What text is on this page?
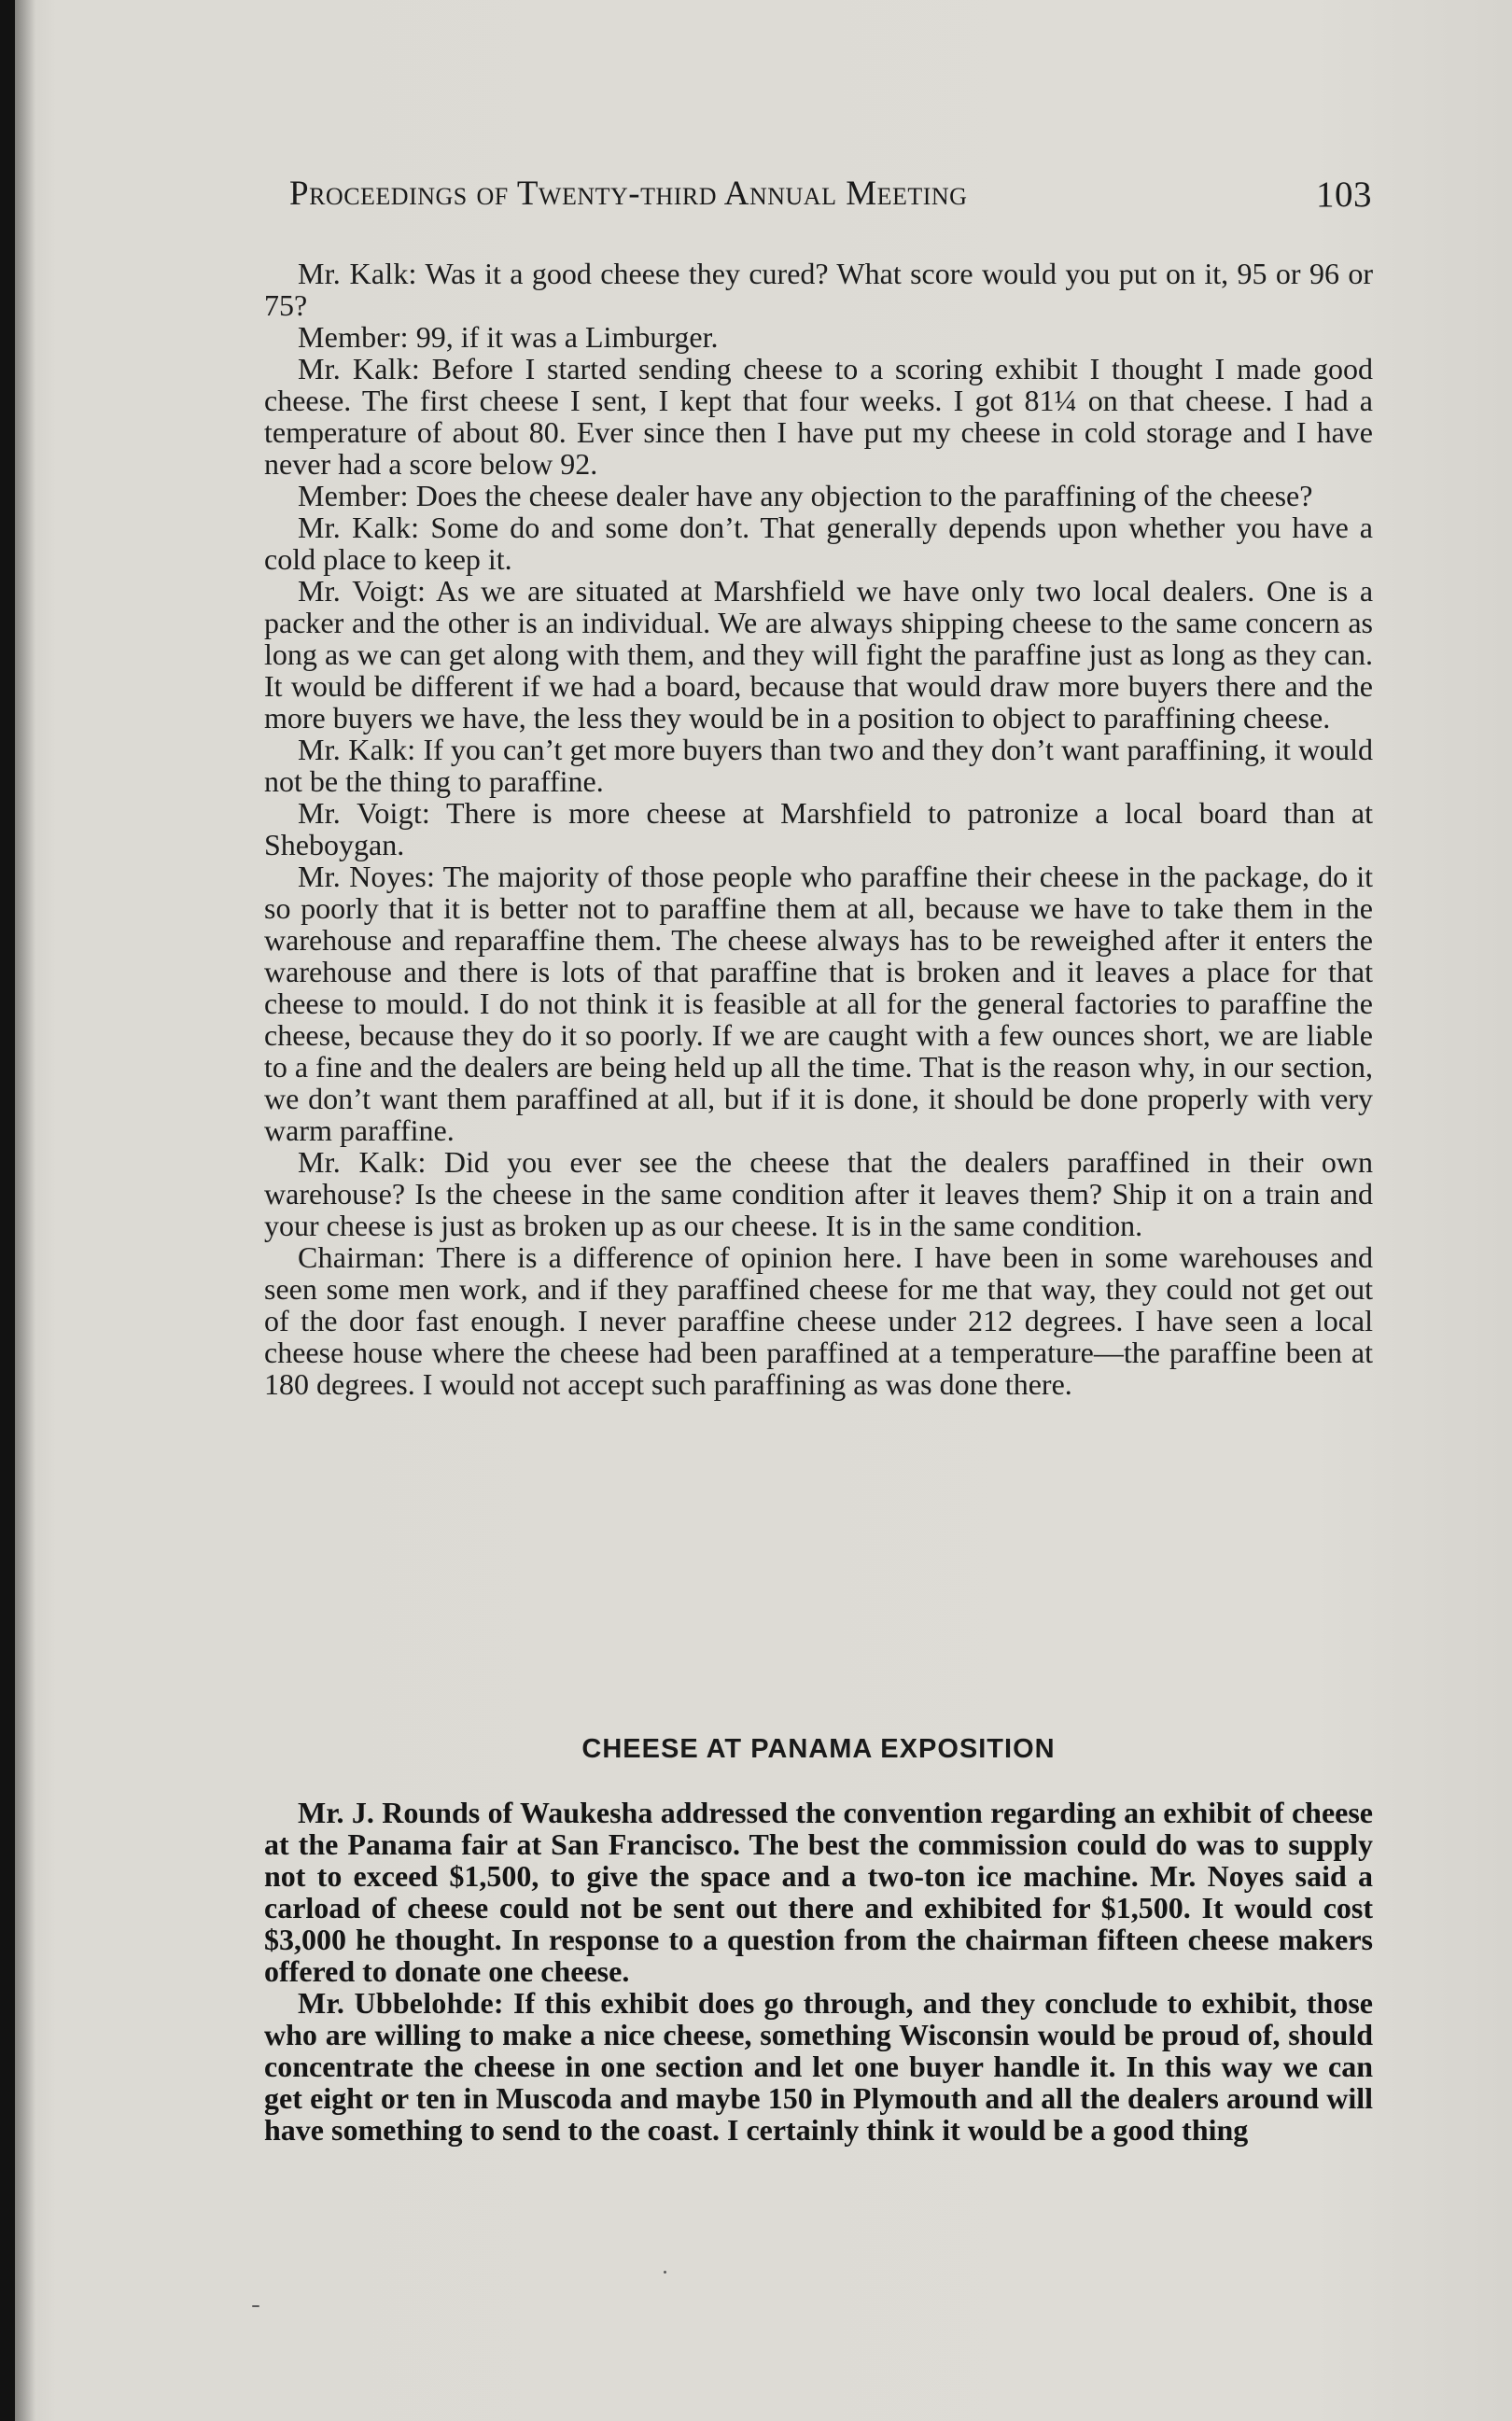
Proceedings of Twenty-third Annual Meeting	103

Mr. Kalk: Was it a good cheese they cured? What score would you put on it, 95 or 96 or 75?

Member: 99, if it was a Limburger.

Mr. Kalk: Before I started sending cheese to a scoring exhibit I thought I made good cheese. The first cheese I sent, I kept that four weeks. I got 81¼ on that cheese. I had a temperature of about 80. Ever since then I have put my cheese in cold storage and I have never had a score below 92.

Member: Does the cheese dealer have any objection to the paraffining of the cheese?

Mr. Kalk: Some do and some don’t. That generally depends upon whether you have a cold place to keep it.

Mr. Voigt: As we are situated at Marshfield we have only two local dealers. One is a packer and the other is an individual. We are always shipping cheese to the same concern as long as we can get along with them, and they will fight the paraffine just as long as they can. It would be different if we had a board, because that would draw more buyers there and the more buyers we have, the less they would be in a position to object to paraffining cheese.

Mr. Kalk: If you can’t get more buyers than two and they don’t want paraffining, it would not be the thing to paraffine.

Mr. Voigt: There is more cheese at Marshfield to patronize a local board than at Sheboygan.

Mr. Noyes: The majority of those people who paraffine their cheese in the package, do it so poorly that it is better not to paraffine them at all, because we have to take them in the warehouse and reparaffine them. The cheese always has to be reweighed after it enters the warehouse and there is lots of that paraffine that is broken and it leaves a place for that cheese to mould. I do not think it is feasible at all for the general factories to paraffine the cheese, because they do it so poorly. If we are caught with a few ounces short, we are liable to a fine and the dealers are being held up all the time. That is the reason why, in our section, we don’t want them paraffined at all, but if it is done, it should be done properly with very warm paraffine.

Mr. Kalk: Did you ever see the cheese that the dealers paraffined in their own warehouse? Is the cheese in the same condition after it leaves them? Ship it on a train and your cheese is just as broken up as our cheese. It is in the same condition.

Chairman: There is a difference of opinion here. I have been in some warehouses and seen some men work, and if they paraffined cheese for me that way, they could not get out of the door fast enough. I never paraffine cheese under 212 degrees. I have seen a local cheese house where the cheese had been paraffined at a temperature—the paraffine been at 180 degrees. I would not accept such paraffining as was done there.

CHEESE AT PANAMA EXPOSITION

Mr. J. Rounds of Waukesha addressed the convention regarding an exhibit of cheese at the Panama fair at San Francisco. The best the commission could do was to supply not to exceed $1,500, to give the space and a two-ton ice machine. Mr. Noyes said a carload of cheese could not be sent out there and exhibited for $1,500. It would cost $3,000 he thought. In response to a question from the chairman fifteen cheese makers offered to donate one cheese.

Mr. Ubbelohde: If this exhibit does go through, and they conclude to exhibit, those who are willing to make a nice cheese, something Wisconsin would be proud of, should concentrate the cheese in one section and let one buyer handle it. In this way we can get eight or ten in Muscoda and maybe 150 in Plymouth and all the dealers around will have something to send to the coast. I certainly think it would be a good thing
